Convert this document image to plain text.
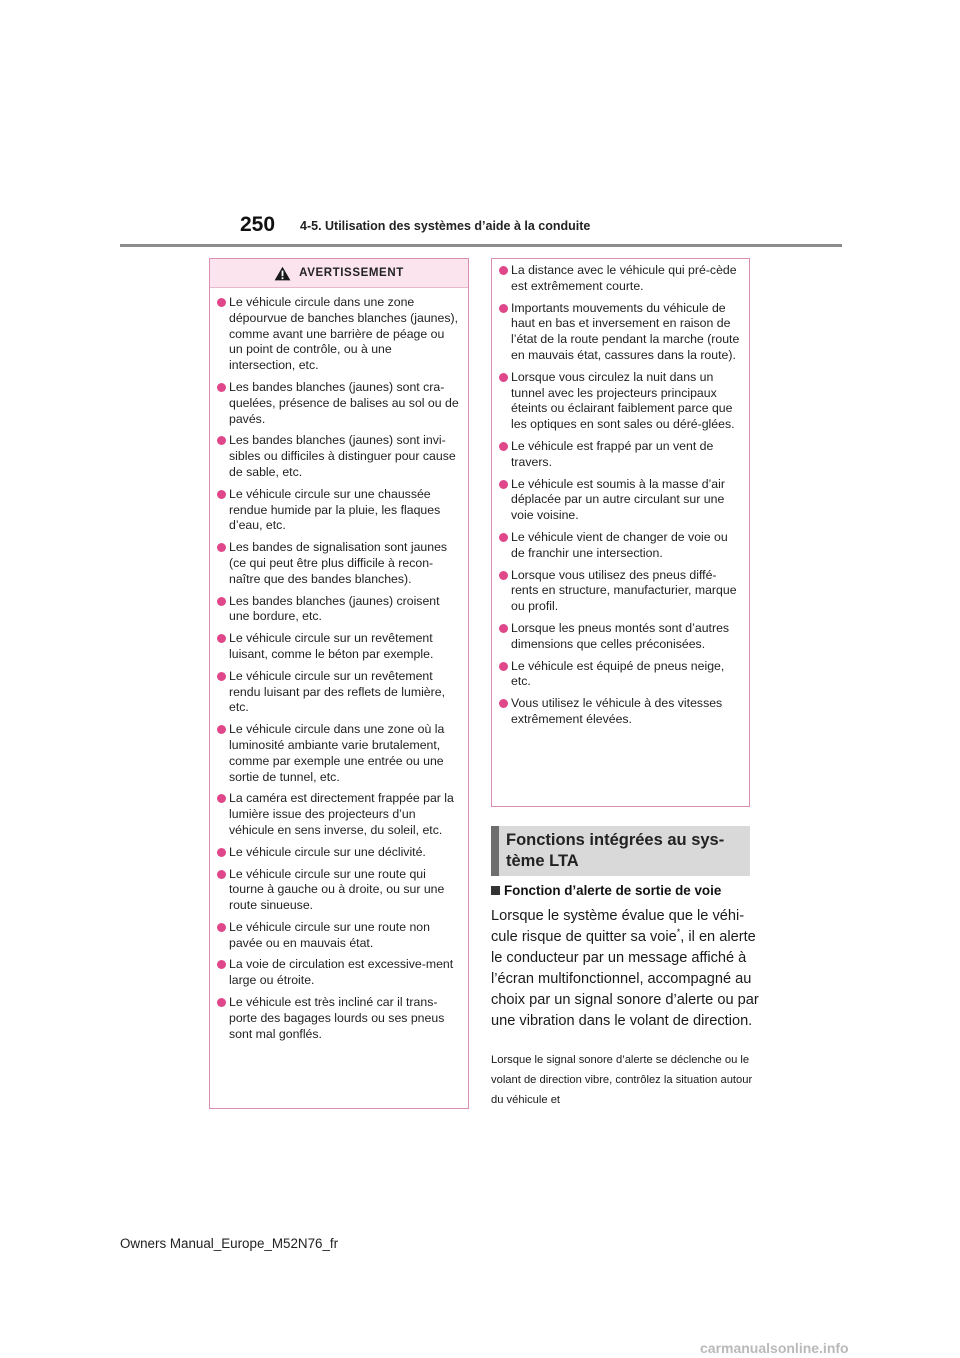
250 4-5. Utilisation des systèmes d’aide à la conduite
AVERTISSEMENT
Le véhicule circule dans une zone dépourvue de banches blanches (jaunes), comme avant une barrière de péage ou un point de contrôle, ou à une intersection, etc.
Les bandes blanches (jaunes) sont cra-quelées, présence de balises au sol ou de pavés.
Les bandes blanches (jaunes) sont invi-sibles ou difficiles à distinguer pour cause de sable, etc.
Le véhicule circule sur une chaussée rendue humide par la pluie, les flaques d’eau, etc.
Les bandes de signalisation sont jaunes (ce qui peut être plus difficile à recon-naître que des bandes blanches).
Les bandes blanches (jaunes) croisent une bordure, etc.
Le véhicule circule sur un revêtement luisant, comme le béton par exemple.
Le véhicule circule sur un revêtement rendu luisant par des reflets de lumière, etc.
Le véhicule circule dans une zone où la luminosité ambiante varie brutalement, comme par exemple une entrée ou une sortie de tunnel, etc.
La caméra est directement frappée par la lumière issue des projecteurs d’un véhicule en sens inverse, du soleil, etc.
Le véhicule circule sur une déclivité.
Le véhicule circule sur une route qui tourne à gauche ou à droite, ou sur une route sinueuse.
Le véhicule circule sur une route non pavée ou en mauvais état.
La voie de circulation est excessive-ment large ou étroite.
Le véhicule est très incliné car il trans-porte des bagages lourds ou ses pneus sont mal gonflés.
La distance avec le véhicule qui pré-cède est extrêmement courte.
Importants mouvements du véhicule de haut en bas et inversement en raison de l’état de la route pendant la marche (route en mauvais état, cassures dans la route).
Lorsque vous circulez la nuit dans un tunnel avec les projecteurs principaux éteints ou éclairant faiblement parce que les optiques en sont sales ou déré-glées.
Le véhicule est frappé par un vent de travers.
Le véhicule est soumis à la masse d’air déplacée par un autre circulant sur une voie voisine.
Le véhicule vient de changer de voie ou de franchir une intersection.
Lorsque vous utilisez des pneus diffé-rents en structure, manufacturier, marque ou profil.
Lorsque les pneus montés sont d’autres dimensions que celles préconisées.
Le véhicule est équipé de pneus neige, etc.
Vous utilisez le véhicule à des vitesses extrêmement élevées.
Fonctions intégrées au sys-tème LTA
Fonction d’alerte de sortie de voie
Lorsque le système évalue que le véhi-cule risque de quitter sa voie*, il en alerte le conducteur par un message affiché à l’écran multifonctionnel, accompagné au choix par un signal sonore d’alerte ou par une vibration dans le volant de direction.
Lorsque le signal sonore d’alerte se déclenche ou le volant de direction vibre, contrôlez la situation autour du véhicule et
Owners Manual_Europe_M52N76_fr
carmanualsonline.info
